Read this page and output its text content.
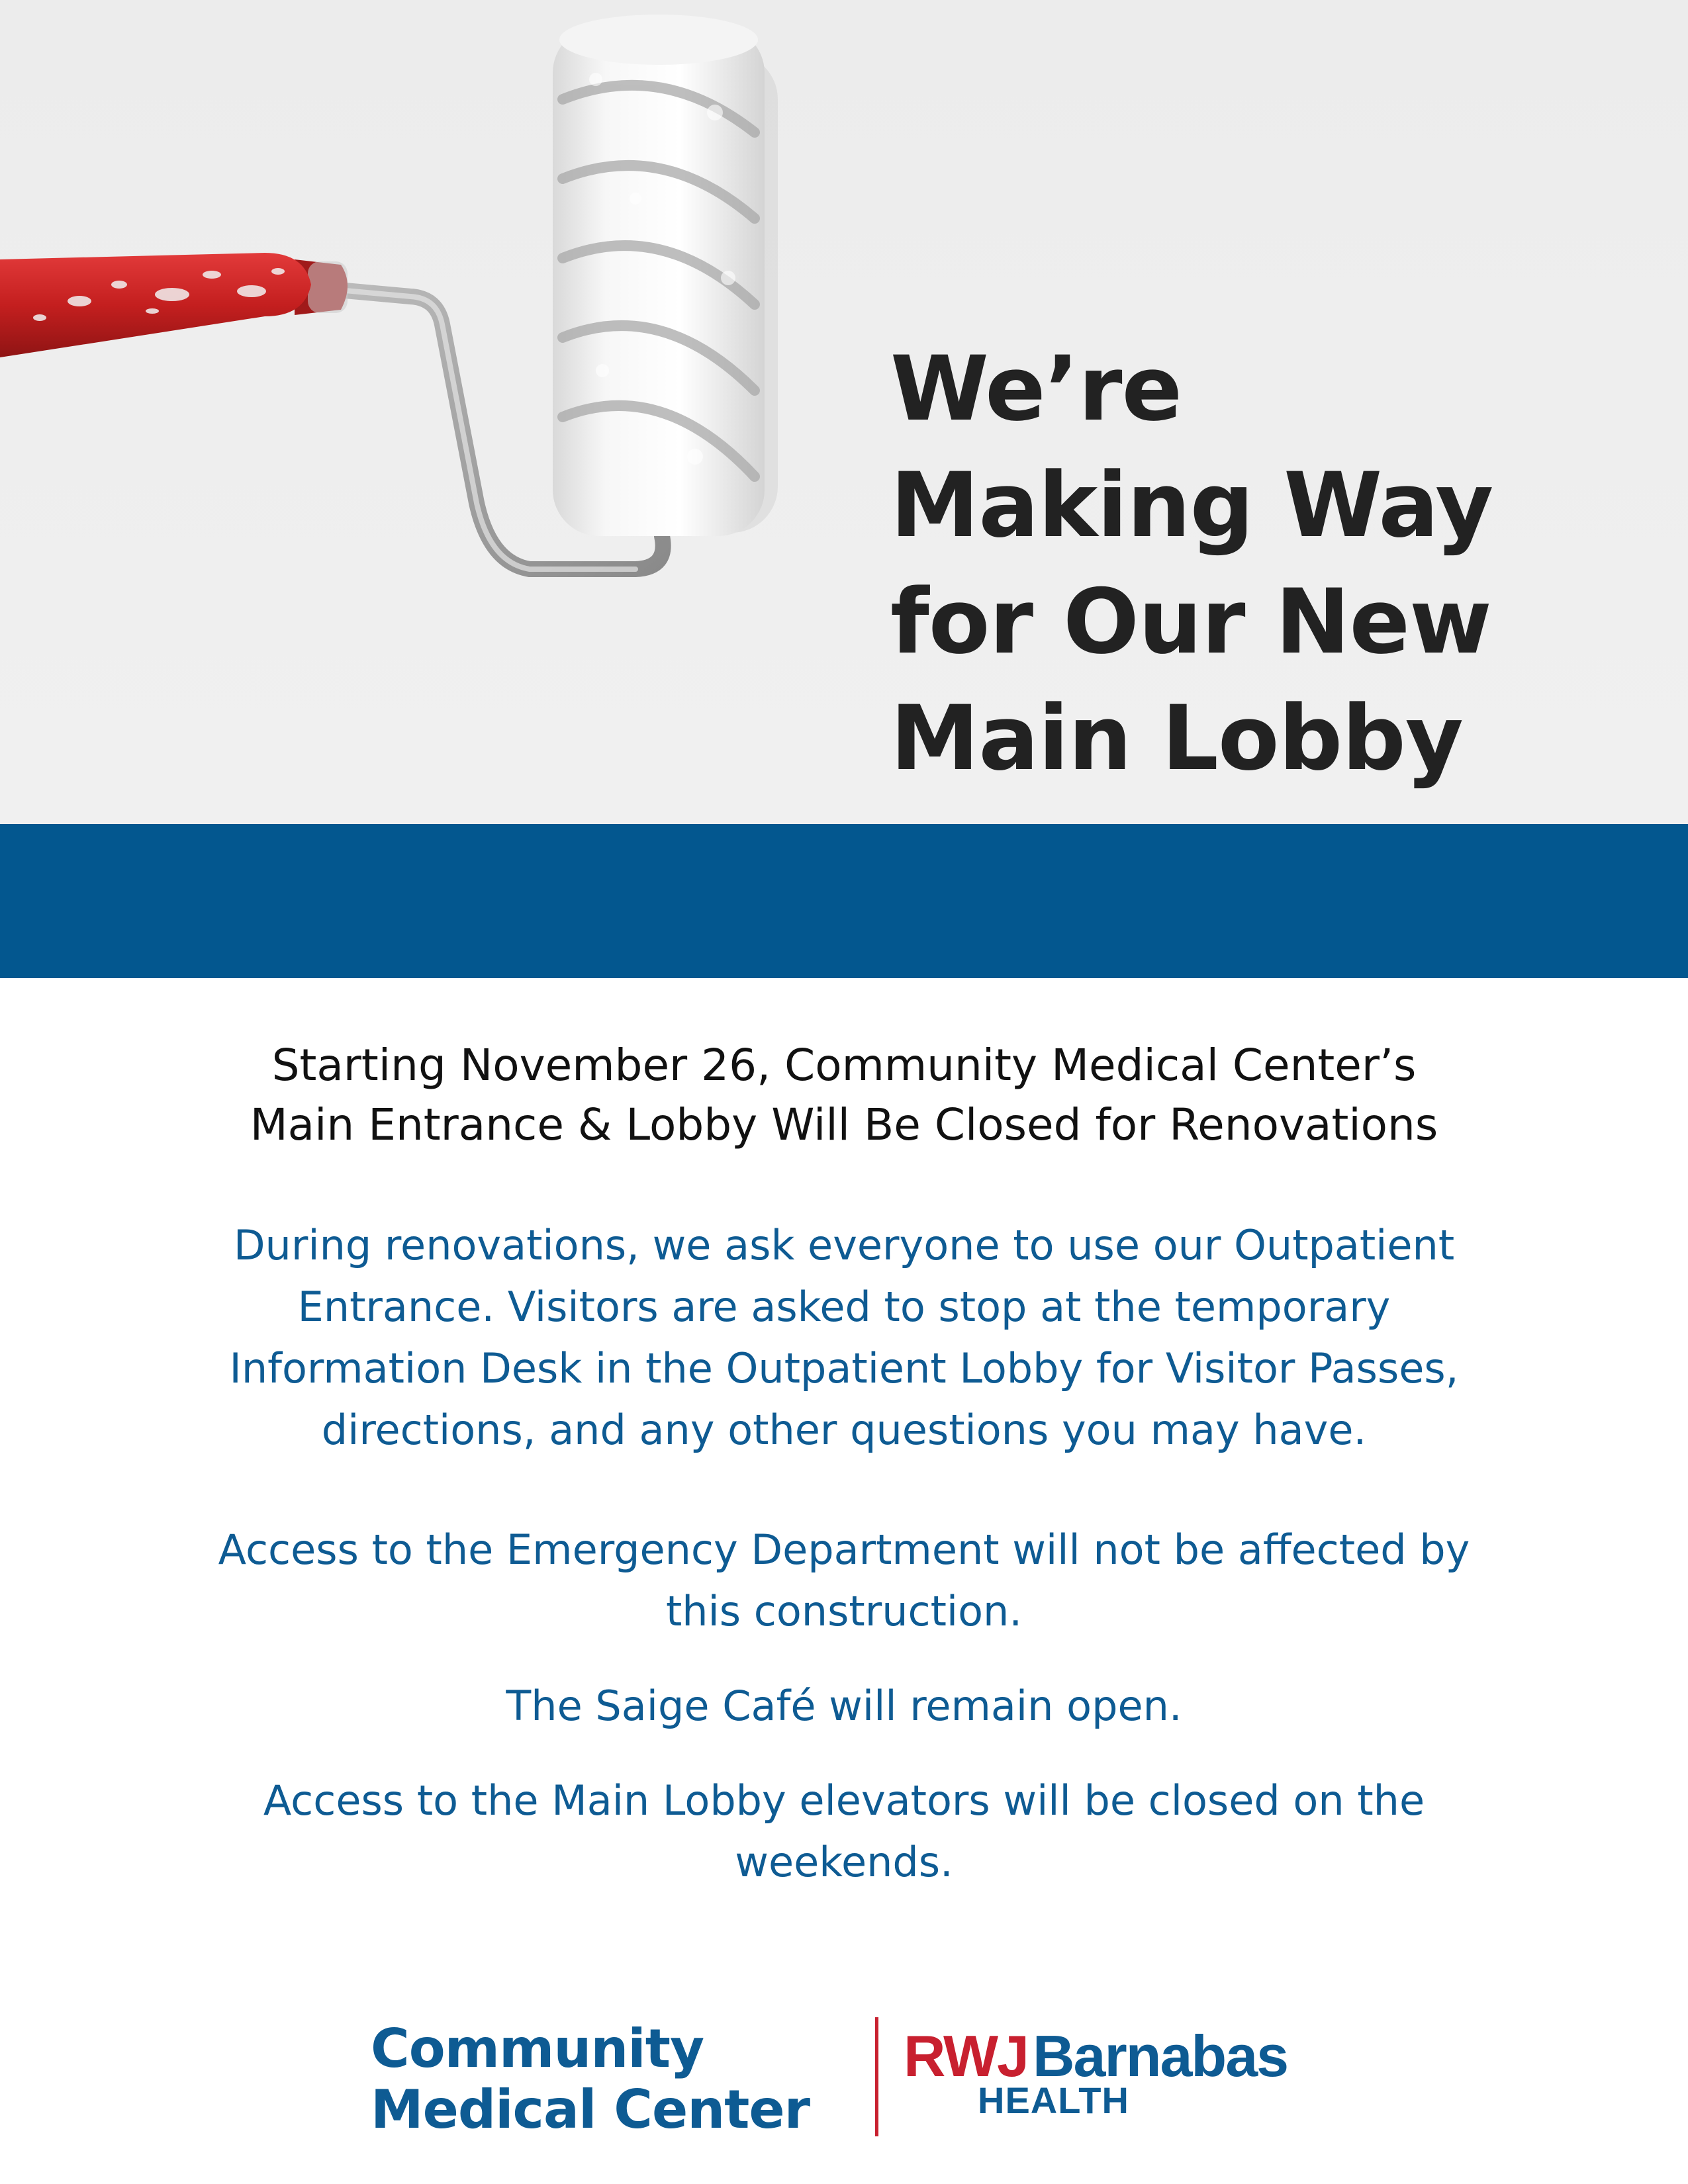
We’re
Making Way
for Our New
Main Lobby
Starting November 26, Community Medical Center’s
Main Entrance & Lobby Will Be Closed for Renovations

During renovations, we ask everyone to use our Outpatient
Entrance. Visitors are asked to stop at the temporary
Information Desk in the Outpatient Lobby for Visitor Passes,
directions, and any other questions you may have.

Access to the Emergency Department will not be affected by
this construction.

The Saige Café will remain open.

Access to the Main Lobby elevators will be closed on the
weekends.

Community
Medical Center
RWJ Barnabas
HEALTH
